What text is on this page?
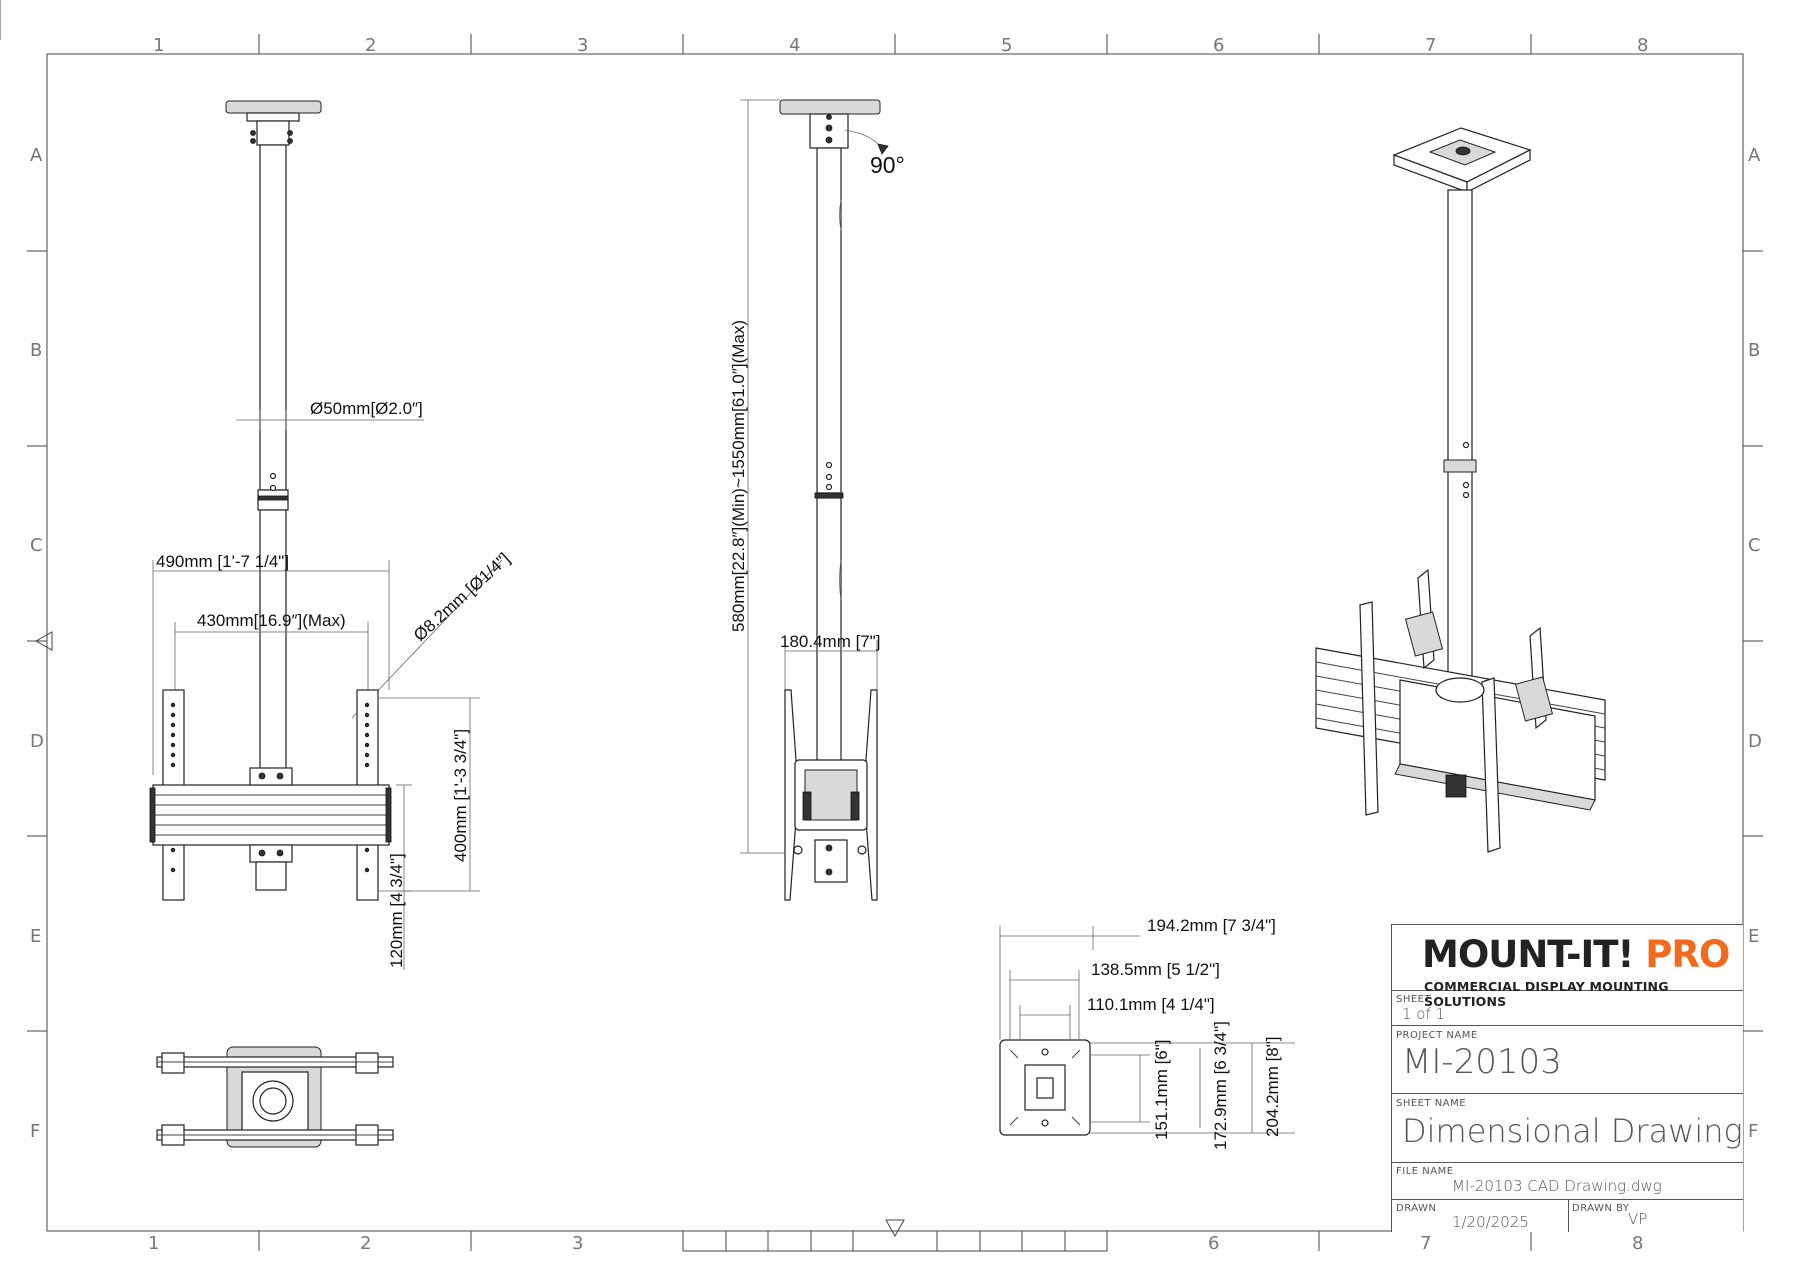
1	2	3	4	5	6	7	8
1	2	3	6	7	8
A
B
C
D
E
F
A
B
C
D
E
F
Ø50mm[Ø2.0″]
490mm [1'-7 1/4"]
430mm[16.9″](Max)	Ø8.2mm [Ø1/4"]
400mm [1'-3 3/4"]
120mm [4 3/4"]
90°
580mm[22.8″](Min)~1550mm[61.0″](Max)
180.4mm [7"]
194.2mm [7 3/4"]
138.5mm [5 1/2"]
110.1mm [4 1/4"]
151.1mm [6"] 172.9mm [6 3/4"] 204.2mm [8"]
MOUNT-IT! PRO
COMMERCIAL DISPLAY MOUNTING SOLUTIONS
SHEET
1 of 1
PROJECT NAME
MI-20103
SHEET NAME
Dimensional Drawing
FILE NAME
MI-20103 CAD Drawing.dwg
DRAWN
1/20/2025
DRAWN BY
VP
